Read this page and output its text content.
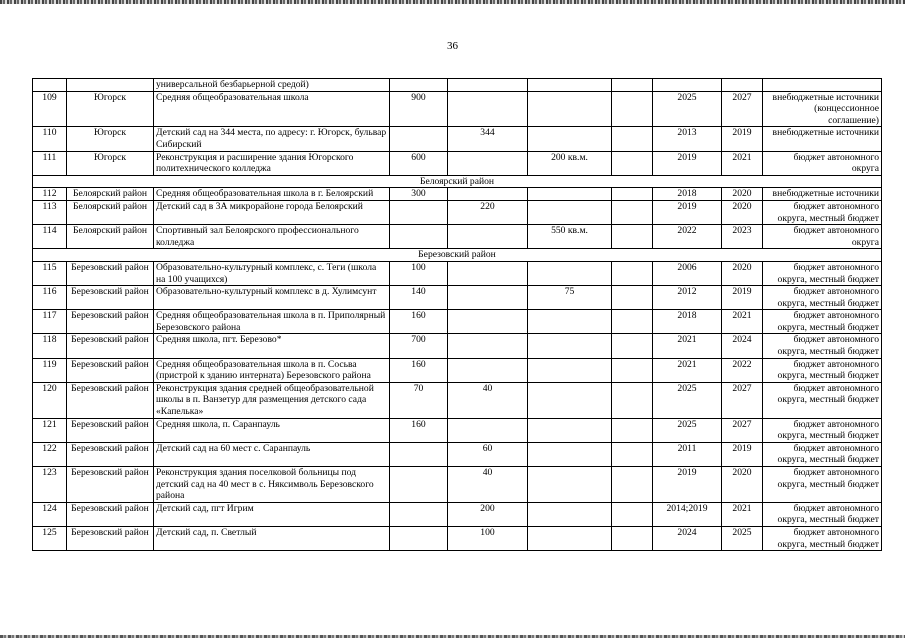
36
		универсальной безбарьерной средой)							
109	Югорск	Средняя общеобразовательная школа	900				2025	2027	внебюджетные источники (концессионное соглашение)
110	Югорск	Детский сад на 344 места, по адресу: г. Югорск, бульвар Сибирский		344			2013	2019	внебюджетные источники
111	Югорск	Реконструкция и расширение здания Югорского политехнического колледжа	600		200 кв.м.		2019	2021	бюджет автономного округа
Белоярский район									
112	Белоярский район	Средняя общеобразовательная школа в г. Белоярский	300				2018	2020	внебюджетные источники
113	Белоярский район	Детский сад в 3А микрорайоне города Белоярский		220			2019	2020	бюджет автономного округа, местный бюджет
114	Белоярский район	Спортивный зал Белоярского профессионального колледжа			550 кв.м.		2022	2023	бюджет автономного округа
Березовский район									
115	Березовский район	Образовательно-культурный комплекс, с. Теги (школа на 100 учащихся)	100				2006	2020	бюджет автономного округа, местный бюджет
116	Березовский район	Образовательно-культурный комплекс в д. Хулимсунт	140		75		2012	2019	бюджет автономного округа, местный бюджет
117	Березовский район	Средняя общеобразовательная школа в п. Приполярный Березовского района	160				2018	2021	бюджет автономного округа, местный бюджет
118	Березовский район	Средняя школа, пгт. Березово*	700				2021	2024	бюджет автономного округа, местный бюджет
119	Березовский район	Средняя общеобразовательная школа в п. Сосьва (пристрой к зданию интерната) Березовского района	160				2021	2022	бюджет автономного округа, местный бюджет
120	Березовский район	Реконструкция здания средней общеобразовательной школы в п. Ванзетур для размещения детского сада «Капелька»	70	40			2025	2027	бюджет автономного округа, местный бюджет
121	Березовский район	Средняя школа, п. Саранпауль	160				2025	2027	бюджет автономного округа, местный бюджет
122	Березовский район	Детский сад на 60 мест с. Саранпауль		60			2011	2019	бюджет автономного округа, местный бюджет
123	Березовский район	Реконструкция здания поселковой больницы под детский сад на 40 мест в с. Няксимволь Березовского района		40			2019	2020	бюджет автономного округа, местный бюджет
124	Березовский район	Детский сад, пгт Игрим		200			2014;2019	2021	бюджет автономного округа, местный бюджет
125	Березовский район	Детский сад, п. Светлый		100			2024	2025	бюджет автономного округа, местный бюджет
